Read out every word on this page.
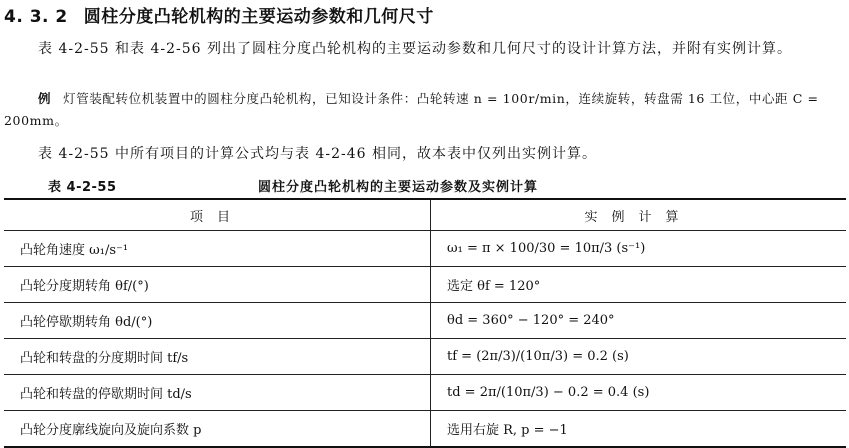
4. 3. 2 圆柱分度凸轮机构的主要运动参数和几何尺寸
表 4-2-55 和表 4-2-56 列出了圆柱分度凸轮机构的主要运动参数和几何尺寸的设计计算方法，并附有实例计算。
例 灯管装配转位机装置中的圆柱分度凸轮机构，已知设计条件：凸轮转速 n = 100r/min，连续旋转，转盘需 16 工位，中心距 C = 200mm。
表 4-2-55 中所有项目的计算公式均与表 4-2-46 相同，故本表中仅列出实例计算。
表 4-2-55	圆柱分度凸轮机构的主要运动参数及实例计算
项目	实例计算
凸轮角速度 ω₁/s⁻¹	ω₁ = π × 100/30 = 10π/3 (s⁻¹)
凸轮分度期转角 θf/(°)	选定 θf = 120°
凸轮停歇期转角 θd/(°)	θd = 360° − 120° = 240°
凸轮和转盘的分度期时间 tf/s	tf = (2π/3)/(10π/3) = 0.2 (s)
凸轮和转盘的停歇期时间 td/s	td = 2π/(10π/3) − 0.2 = 0.4 (s)
凸轮分度廓线旋向及旋向系数 p	选用右旋 R, p = −1
